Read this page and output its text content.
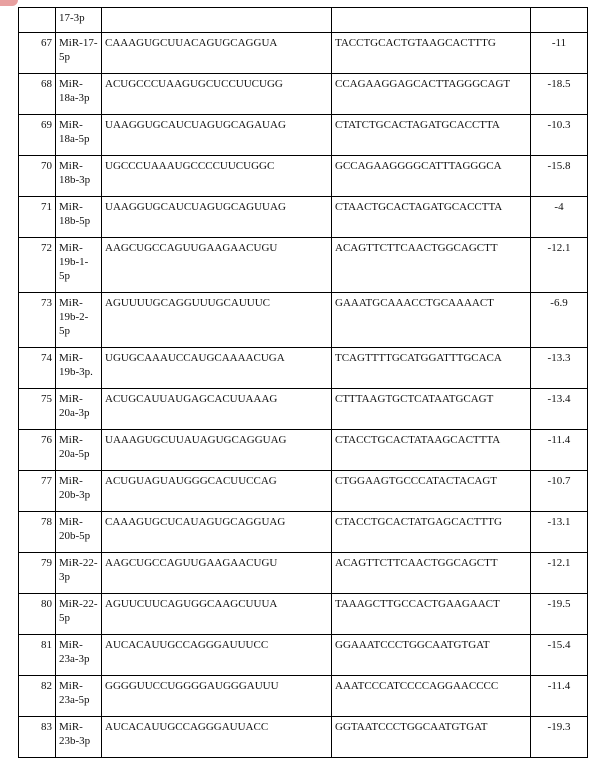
	17-3p			
67	MiR-17-5p	CAAAGUGCUUACAGUGCAGGUA	TACCTGCACTGTAAGCACTTTG	-11
68	MiR-18a-3p	ACUGCCCUAAGUGCUCCUUCUGG	CCAGAAGGAGCACTTAGGGCAGT	-18.5
69	MiR-18a-5p	UAAGGUGCAUCUAGUGCAGAUAG	CTATCTGCACTAGATGCACCTTA	-10.3
70	MiR-18b-3p	UGCCCUAAAUGCCCCUUCUGGC	GCCAGAAGGGGCATTTAGGGCA	-15.8
71	MiR-18b-5p	UAAGGUGCAUCUAGUGCAGUUAG	CTAACTGCACTAGATGCACCTTA	-4
72	MiR-19b-1-5p	AAGCUGCCAGUUGAAGAACUGU	ACAGTTCTTCAACTGGCAGCTT	-12.1
73	MiR-19b-2-5p	AGUUUUGCAGGUUUGCAUUUC	GAAATGCAAACCTGCAAAACT	-6.9
74	MiR-19b-3p.	UGUGCAAAUCCAUGCAAAACUGA	TCAGTTTTGCATGGATTTGCACA	-13.3
75	MiR-20a-3p	ACUGCAUUAUGAGCACUUAAAG	CTTTAAGTGCTCATAATGCAGT	-13.4
76	MiR-20a-5p	UAAAGUGCUUAUAGUGCAGGUAG	CTACCTGCACTATAAGCACTTTA	-11.4
77	MiR-20b-3p	ACUGUAGUAUGGGCACUUCCAG	CTGGAAGTGCCCATACTACAGT	-10.7
78	MiR-20b-5p	CAAAGUGCUCAUAGUGCAGGUAG	CTACCTGCACTATGAGCACTTTG	-13.1
79	MiR-22-3p	AAGCUGCCAGUUGAAGAACUGU	ACAGTTCTTCAACTGGCAGCTT	-12.1
80	MiR-22-5p	AGUUCUUCAGUGGCAAGCUUUA	TAAAGCTTGCCACTGAAGAACT	-19.5
81	MiR-23a-3p	AUCACAUUGCCAGGGAUUUCC	GGAAATCCCTGGCAATGTGAT	-15.4
82	MiR-23a-5p	GGGGUUCCUGGGGAUGGGAUUU	AAATCCCATCCCCAGGAACCCC	-11.4
83	MiR-23b-3p	AUCACAUUGCCAGGGAUUACC	GGTAATCCCTGGCAATGTGAT	-19.3
